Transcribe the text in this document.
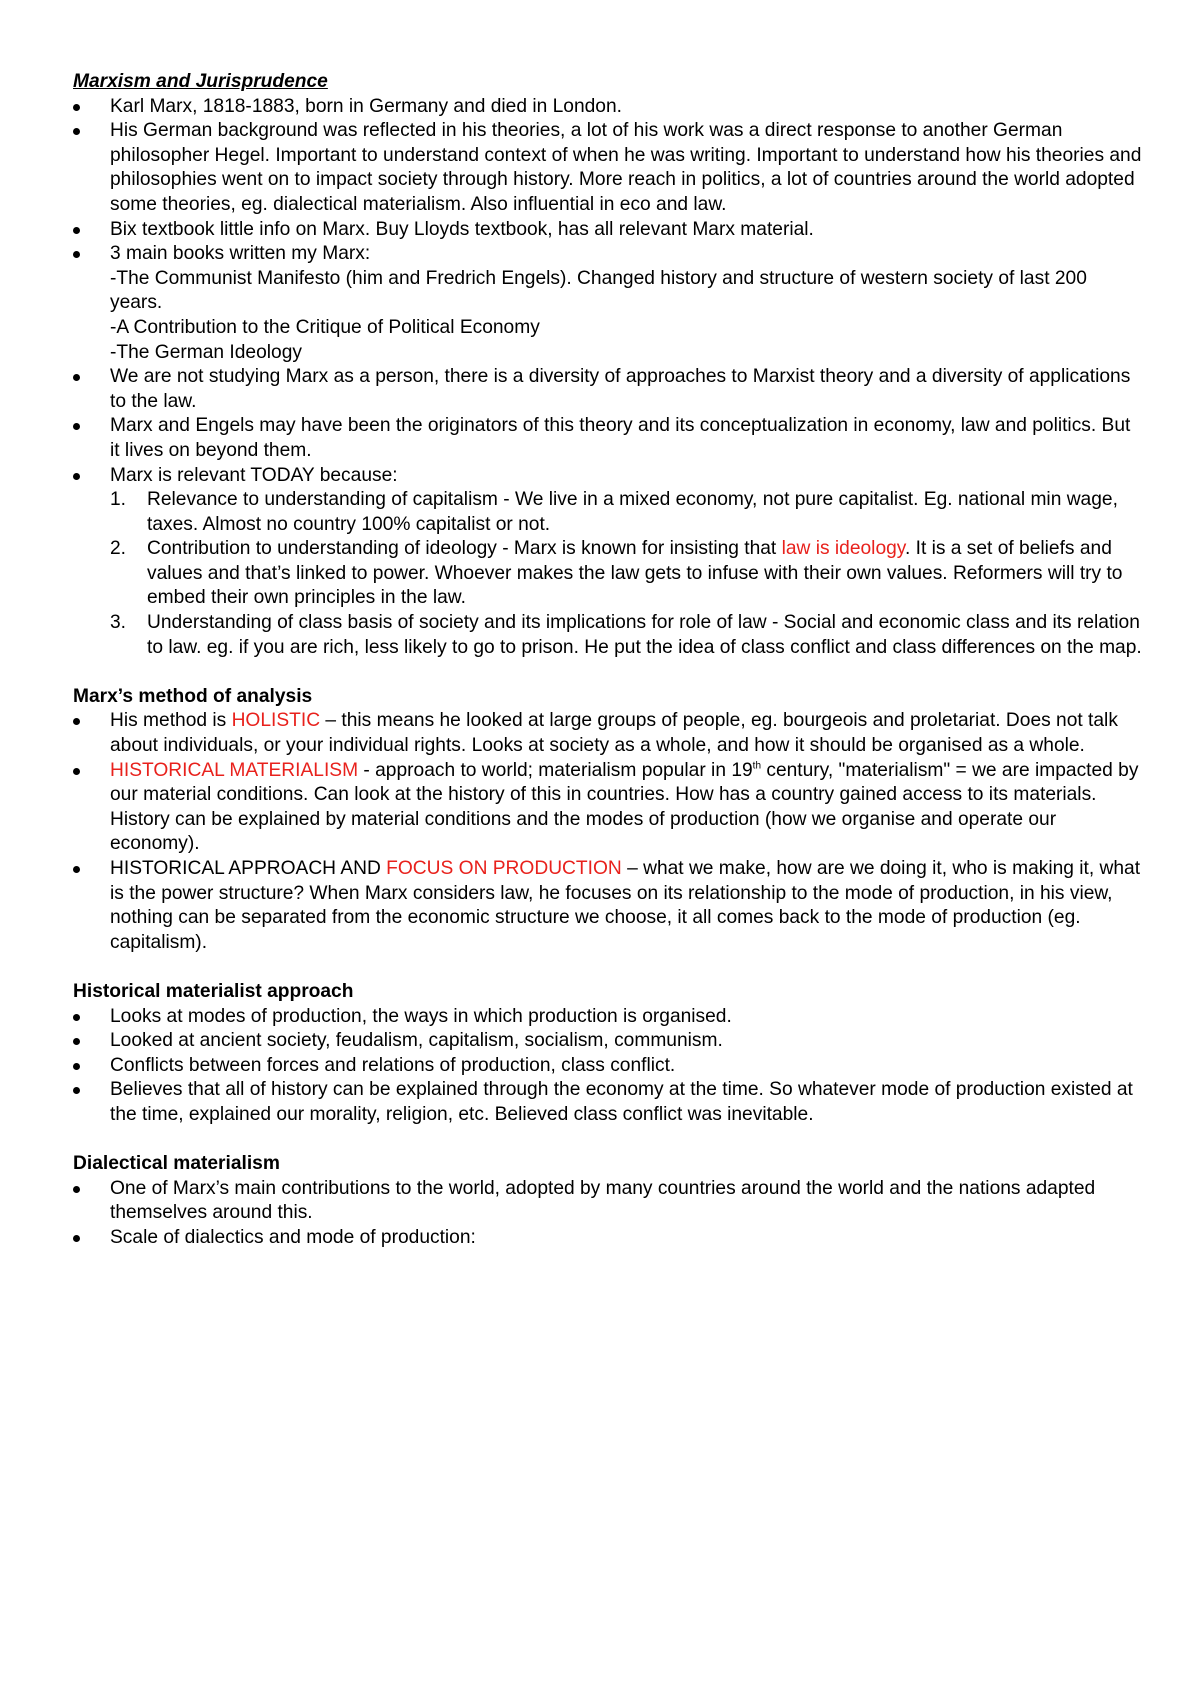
Marxism and Jurisprudence
Karl Marx, 1818-1883, born in Germany and died in London.
His German background was reflected in his theories, a lot of his work was a direct response to another German philosopher Hegel. Important to understand context of when he was writing. Important to understand how his theories and philosophies went on to impact society through history. More reach in politics, a lot of countries around the world adopted some theories, eg. dialectical materialism. Also influential in eco and law.
Bix textbook little info on Marx. Buy Lloyds textbook, has all relevant Marx material.
3 main books written my Marx:
-The Communist Manifesto (him and Fredrich Engels). Changed history and structure of western society of last 200 years.
-A Contribution to the Critique of Political Economy
-The German Ideology
We are not studying Marx as a person, there is a diversity of approaches to Marxist theory and a diversity of applications to the law.
Marx and Engels may have been the originators of this theory and its conceptualization in economy, law and politics. But it lives on beyond them.
Marx is relevant TODAY because:
1. Relevance to understanding of capitalism - We live in a mixed economy, not pure capitalist. Eg. national min wage, taxes. Almost no country 100% capitalist or not.
2. Contribution to understanding of ideology - Marx is known for insisting that law is ideology. It is a set of beliefs and values and that’s linked to power. Whoever makes the law gets to infuse with their own values. Reformers will try to embed their own principles in the law.
3. Understanding of class basis of society and its implications for role of law - Social and economic class and its relation to law. eg. if you are rich, less likely to go to prison. He put the idea of class conflict and class differences on the map.
Marx’s method of analysis
His method is HOLISTIC – this means he looked at large groups of people, eg. bourgeois and proletariat. Does not talk about individuals, or your individual rights. Looks at society as a whole, and how it should be organised as a whole.
HISTORICAL MATERIALISM - approach to world; materialism popular in 19th century, "materialism" = we are impacted by our material conditions. Can look at the history of this in countries. How has a country gained access to its materials. History can be explained by material conditions and the modes of production (how we organise and operate our economy).
HISTORICAL APPROACH AND FOCUS ON PRODUCTION – what we make, how are we doing it, who is making it, what is the power structure? When Marx considers law, he focuses on its relationship to the mode of production, in his view, nothing can be separated from the economic structure we choose, it all comes back to the mode of production (eg. capitalism).
Historical materialist approach
Looks at modes of production, the ways in which production is organised.
Looked at ancient society, feudalism, capitalism, socialism, communism.
Conflicts between forces and relations of production, class conflict.
Believes that all of history can be explained through the economy at the time. So whatever mode of production existed at the time, explained our morality, religion, etc. Believed class conflict was inevitable.
Dialectical materialism
One of Marx’s main contributions to the world, adopted by many countries around the world and the nations adapted themselves around this.
Scale of dialectics and mode of production:
